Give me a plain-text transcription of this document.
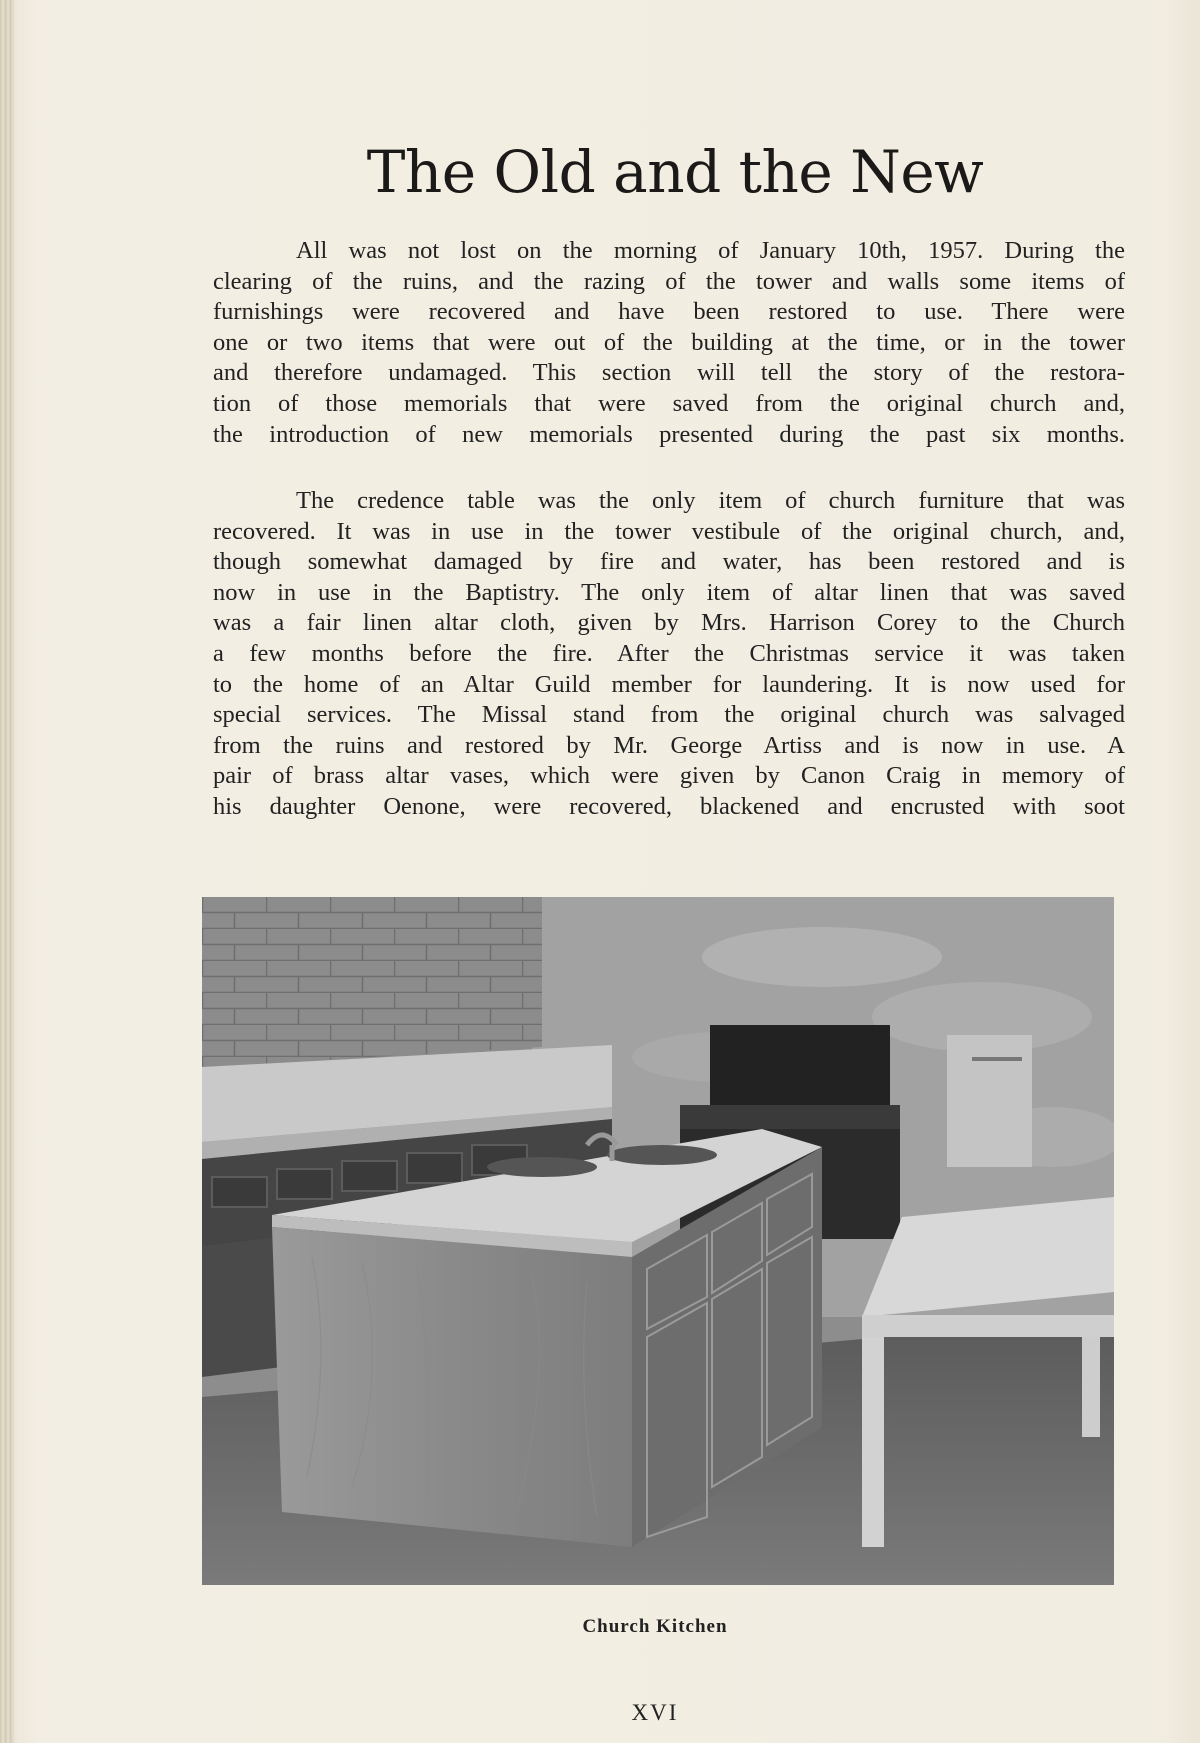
The Old and the New
All was not lost on the morning of January 10th, 1957. During the
clearing of the ruins, and the razing of the tower and walls some items of
furnishings were recovered and have been restored to use. There were
one or two items that were out of the building at the time, or in the tower
and therefore undamaged. This section will tell the story of the restora-
tion of those memorials that were saved from the original church and,
the introduction of new memorials presented during the past six months.
The credence table was the only item of church furniture that was
recovered. It was in use in the tower vestibule of the original church, and,
though somewhat damaged by fire and water, has been restored and is
now in use in the Baptistry. The only item of altar linen that was saved
was a fair linen altar cloth, given by Mrs. Harrison Corey to the Church
a few months before the fire. After the Christmas service it was taken
to the home of an Altar Guild member for laundering. It is now used for
special services. The Missal stand from the original church was salvaged
from the ruins and restored by Mr. George Artiss and is now in use. A
pair of brass altar vases, which were given by Canon Craig in memory of
his daughter Oenone, were recovered, blackened and encrusted with soot
Church Kitchen
XVI
